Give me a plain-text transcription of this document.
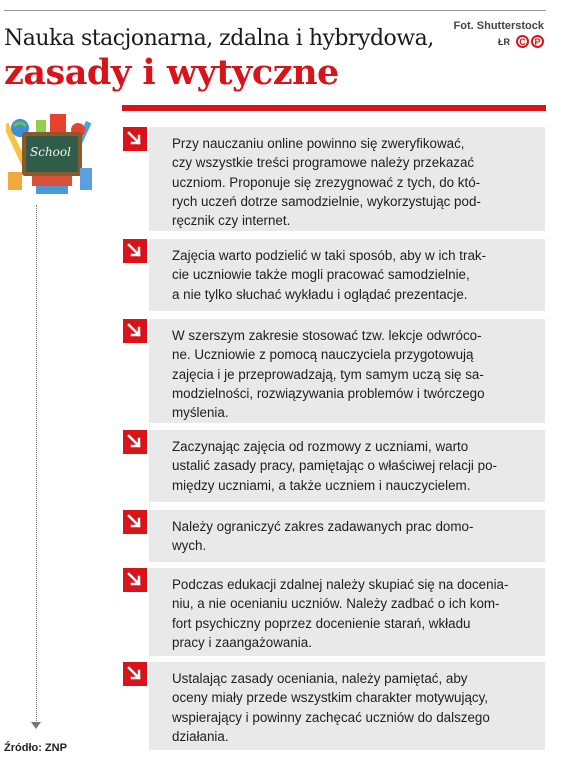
Nauka stacjonarna, zdalna i hybrydowa,
zasady i wytyczne
Fot. Shutterstock
ŁR	C P
School
Przy nauczaniu online powinno się zweryfikować,
czy wszystkie treści programowe należy przekazać
uczniom. Proponuje się zrezygnować z tych, do któ-
rych uczeń dotrze samodzielnie, wykorzystując pod-
ręcznik czy internet.
Zajęcia warto podzielić w taki sposób, aby w ich trak-
cie uczniowie także mogli pracować samodzielnie,
a nie tylko słuchać wykładu i oglądać prezentacje.
W szerszym zakresie stosować tzw. lekcje odwróco-
ne. Uczniowie z pomocą nauczyciela przygotowują
zajęcia i je przeprowadzają, tym samym uczą się sa-
modzielności, rozwiązywania problemów i twórczego
myślenia.
Zaczynając zajęcia od rozmowy z uczniami, warto
ustalić zasady pracy, pamiętając o właściwej relacji po-
między uczniami, a także uczniem i nauczycielem.
Należy ograniczyć zakres zadawanych prac domo-
wych.
Podczas edukacji zdalnej należy skupiać się na doceniа-
niu, a nie ocenianiu uczniów. Należy zadbać o ich kom-
fort psychiczny poprzez docenienie starań, wkładu
pracy i zaangażowania.
Ustalając zasady oceniania, należy pamiętać, aby
oceny miały przede wszystkim charakter motywujący,
wspierający i powinny zachęcać uczniów do dalszego
działania.
Źródło: ZNP
